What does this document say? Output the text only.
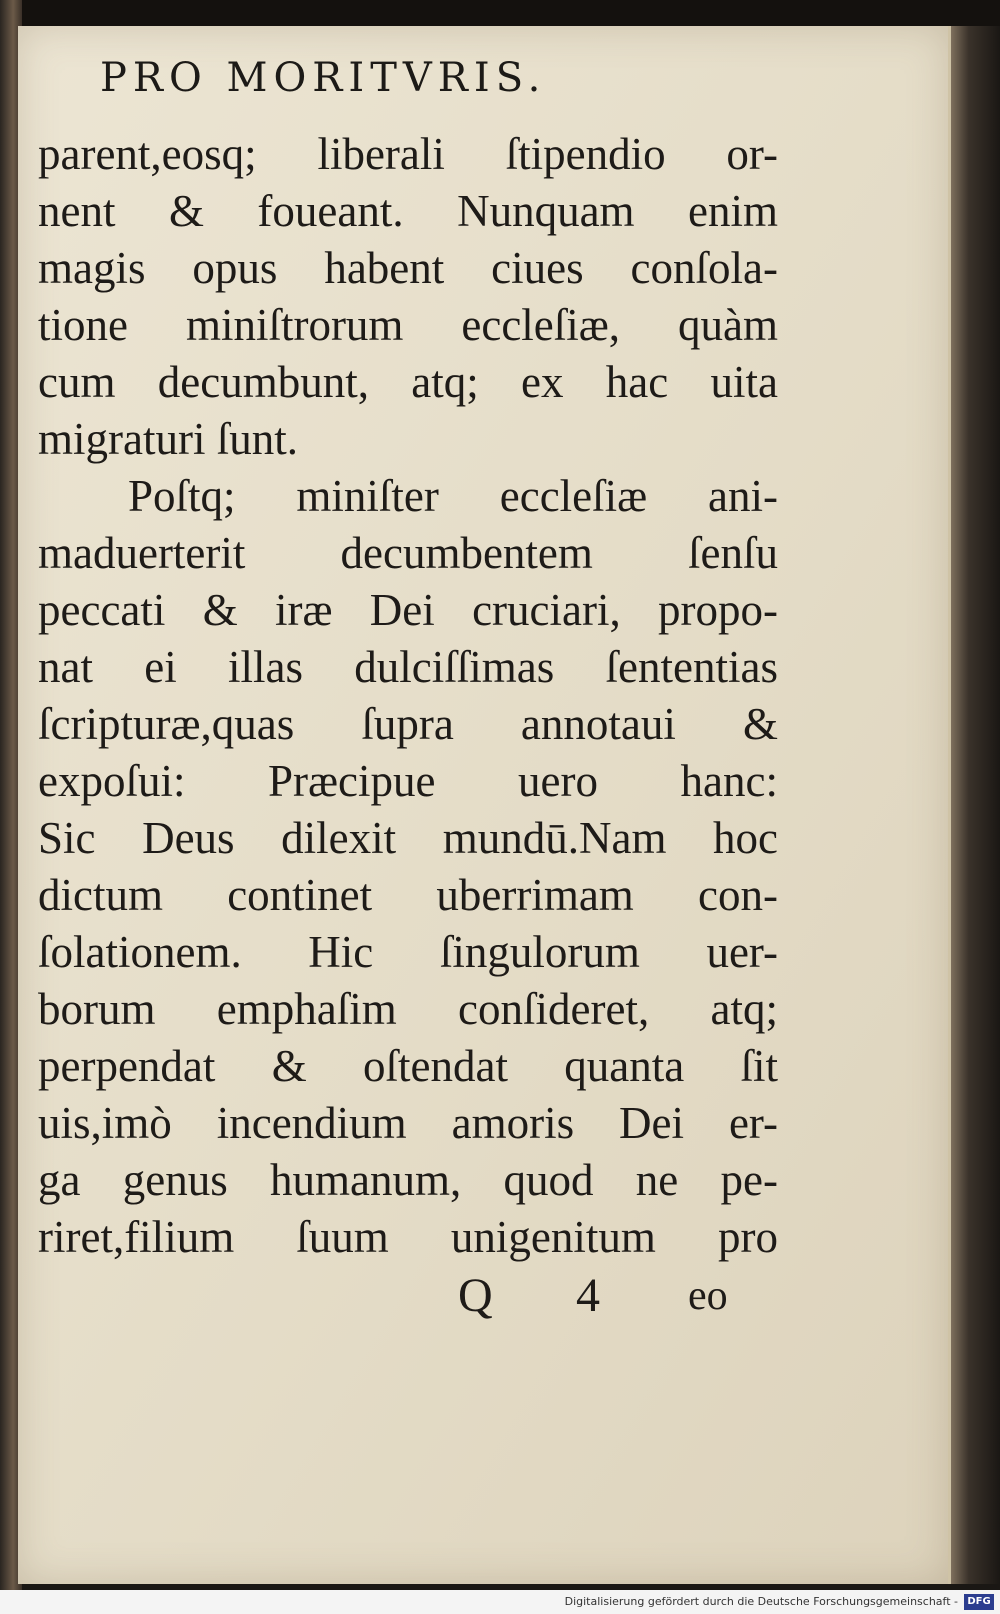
PRO MORITVRIS.
parent,eosq; liberali ſtipendio or-
nent & foueant. Nunquam enim
magis opus habent ciues conſola-
tione miniſtrorum eccleſiæ, quàm
cum decumbunt, atq; ex hac uita
migraturi ſunt.
Poſtq; miniſter eccleſiæ ani-
maduerterit decumbentem ſenſu
peccati & iræ Dei cruciari, propo-
nat ei illas dulciſſimas ſententias
ſcripturæ,quas ſupra annotaui &
expoſui: Præcipue uero hanc:
Sic Deus dilexit mundū.Nam hoc
dictum continet uberrimam con-
ſolationem. Hic ſingulorum uer-
borum emphaſim conſideret, atq;
perpendat & oſtendat quanta ſit
uis,imò incendium amoris Dei er-
ga genus humanum, quod ne pe-
riret,filium ſuum unigenitum pro
Q 4 eo
Digitalisierung gefördert durch die Deutsche Forschungsgemeinschaft - DFG
